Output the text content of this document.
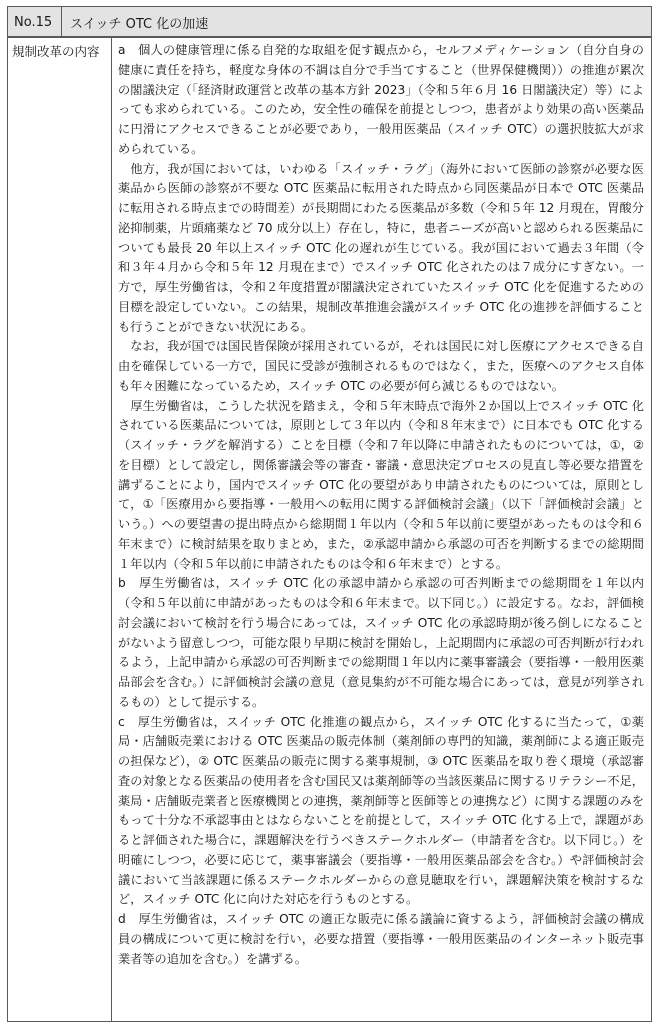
No.15	スイッチ OTC 化の加速
規制改革の内容	a　個人の健康管理に係る自発的な取組を促す観点から，セルフメディケーション（自分自身の健康に責任を持ち，軽度な身体の不調は自分で手当てすること（世界保健機関））の推進が累次の閣議決定（「経済財政運営と改革の基本方針 2023」（令和５年６月 16 日閣議決定）等）によっても求められている。このため，安全性の確保を前提としつつ，患者がより効果の高い医薬品に円滑にアクセスできることが必要であり，一般用医薬品（スイッチ OTC）の選択肢拡大が求められている。

　他方，我が国においては，いわゆる「スイッチ・ラグ」（海外において医師の診察が必要な医薬品から医師の診察が不要な OTC 医薬品に転用された時点から同医薬品が日本で OTC 医薬品に転用される時点までの時間差）が長期間にわたる医薬品が多数（令和５年 12 月現在，胃酸分泌抑制薬，片頭痛薬など 70 成分以上）存在し，特に，患者ニーズが高いと認められる医薬品についても最長 20 年以上スイッチ OTC 化の遅れが生じている。我が国において過去３年間（令和３年４月から令和５年 12 月現在まで）でスイッチ OTC 化されたのは７成分にすぎない。一方で，厚生労働省は，令和２年度措置が閣議決定されていたスイッチ OTC 化を促進するための目標を設定していない。この結果，規制改革推進会議がスイッチ OTC 化の進捗を評価することも行うことができない状況にある。

　なお，我が国では国民皆保険が採用されているが，それは国民に対し医療にアクセスできる自由を確保している一方で，国民に受診が強制されるものではなく，また，医療へのアクセス自体も年々困難になっているため，スイッチ OTC の必要が何ら減じるものではない。

　厚生労働省は，こうした状況を踏まえ，令和５年末時点で海外２か国以上でスイッチ OTC 化されている医薬品については，原則として３年以内（令和８年末まで）に日本でも OTC 化する（スイッチ・ラグを解消する）ことを目標（令和７年以降に申請されたものについては，①，②を目標）として設定し，関係審議会等の審査・審議・意思決定プロセスの見直し等必要な措置を講ずることにより，国内でスイッチ OTC 化の要望があり申請されたものについては，原則として，①「医療用から要指導・一般用への転用に関する評価検討会議」（以下「評価検討会議」という。）への要望書の提出時点から総期間１年以内（令和５年以前に要望があったものは令和６年末まで）に検討結果を取りまとめ，また，②承認申請から承認の可否を判断するまでの総期間１年以内（令和５年以前に申請されたものは令和６年末まで）とする。

b　厚生労働省は，スイッチ OTC 化の承認申請から承認の可否判断までの総期間を１年以内（令和５年以前に申請があったものは令和６年末まで。以下同じ。）に設定する。なお，評価検討会議において検討を行う場合にあっては，スイッチ OTC 化の承認時期が後ろ倒しになることがないよう留意しつつ，可能な限り早期に検討を開始し，上記期間内に承認の可否判断が行われるよう，上記申請から承認の可否判断までの総期間１年以内に薬事審議会（要指導・一般用医薬品部会を含む。）に評価検討会議の意見（意見集約が不可能な場合にあっては，意見が列挙されるもの）として提示する。

c　厚生労働省は，スイッチ OTC 化推進の観点から，スイッチ OTC 化するに当たって，①薬局・店舗販売業における OTC 医薬品の販売体制（薬剤師の専門的知識，薬剤師による適正販売の担保など），② OTC 医薬品の販売に関する薬事規制，③ OTC 医薬品を取り巻く環境（承認審査の対象となる医薬品の使用者を含む国民又は薬剤師等の当該医薬品に関するリテラシー不足，薬局・店舗販売業者と医療機関との連携，薬剤師等と医師等との連携など）に関する課題のみをもって十分な不承認事由とはならないことを前提として，スイッチ OTC 化する上で，課題があると評価された場合に，課題解決を行うべきステークホルダー（申請者を含む。以下同じ。）を明確にしつつ，必要に応じて，薬事審議会（要指導・一般用医薬品部会を含む。）や評価検討会議において当該課題に係るステークホルダーからの意見聴取を行い，課題解決策を検討するなど，スイッチ OTC 化に向けた対応を行うものとする。

d　厚生労働省は，スイッチ OTC の適正な販売に係る議論に資するよう，評価検討会議の構成員の構成について更に検討を行い，必要な措置（要指導・一般用医薬品のインターネット販売事業者等の追加を含む。）を講ずる。
